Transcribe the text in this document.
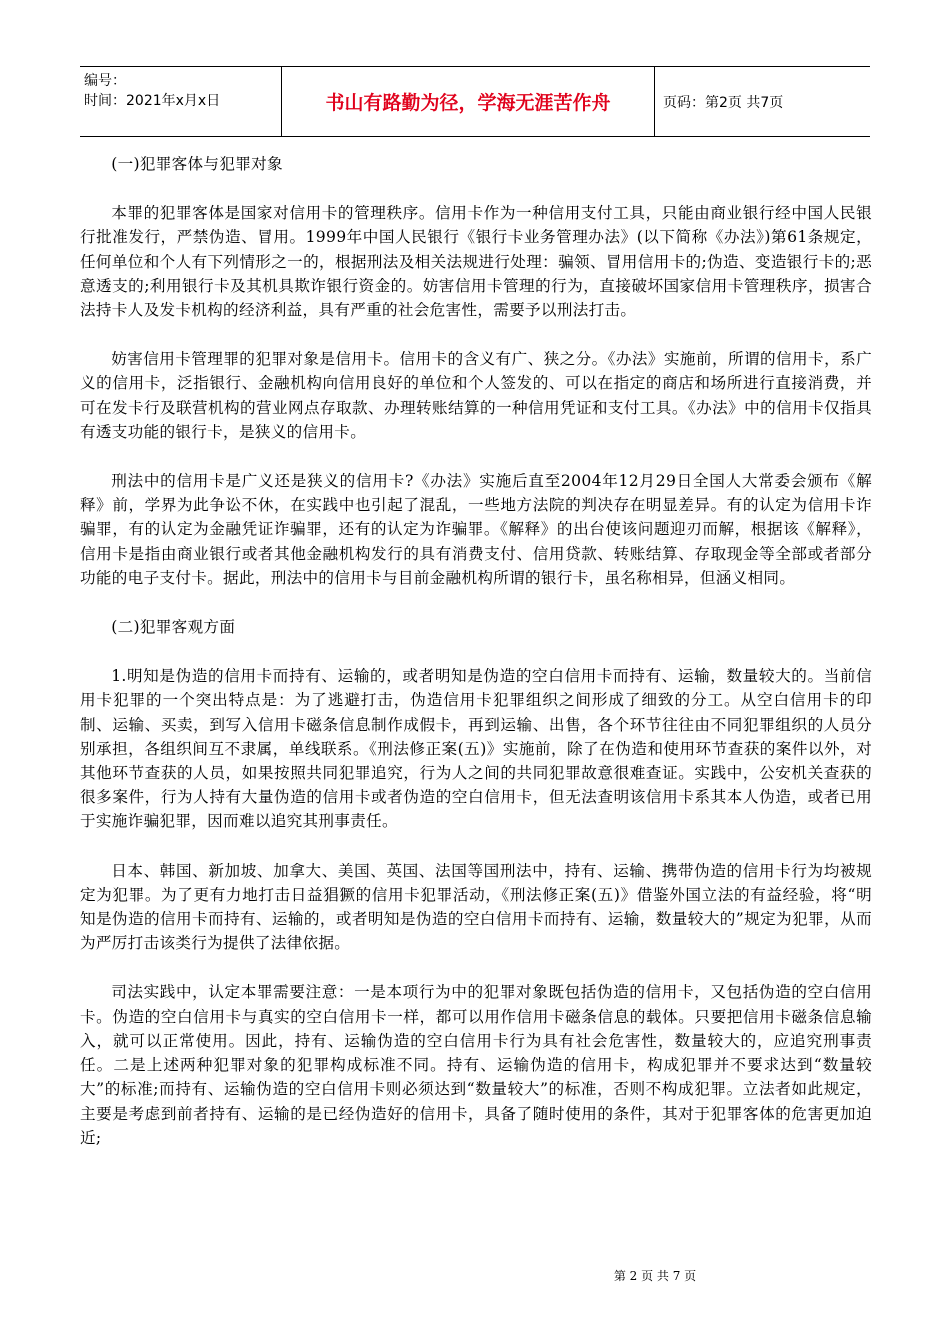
编号：
时间：2021年x月x日	书山有路勤为径，学海无涯苦作舟	页码：第2页 共7页

(一)犯罪客体与犯罪对象

本罪的犯罪客体是国家对信用卡的管理秩序。信用卡作为一种信用支付工具，只能由商业银行经中国人民银行批准发行，严禁伪造、冒用。1999年中国人民银行《银行卡业务管理办法》(以下简称《办法》)第61条规定，任何单位和个人有下列情形之一的，根据刑法及相关法规进行处理：骗领、冒用信用卡的;伪造、变造银行卡的;恶意透支的;利用银行卡及其机具欺诈银行资金的。妨害信用卡管理的行为，直接破坏国家信用卡管理秩序，损害合法持卡人及发卡机构的经济利益，具有严重的社会危害性，需要予以刑法打击。

妨害信用卡管理罪的犯罪对象是信用卡。信用卡的含义有广、狭之分。《办法》实施前，所谓的信用卡，系广义的信用卡，泛指银行、金融机构向信用良好的单位和个人签发的、可以在指定的商店和场所进行直接消费，并可在发卡行及联营机构的营业网点存取款、办理转账结算的一种信用凭证和支付工具。《办法》中的信用卡仅指具有透支功能的银行卡，是狭义的信用卡。

刑法中的信用卡是广义还是狭义的信用卡?《办法》实施后直至2004年12月29日全国人大常委会颁布《解释》前，学界为此争讼不休，在实践中也引起了混乱，一些地方法院的判决存在明显差异。有的认定为信用卡诈骗罪，有的认定为金融凭证诈骗罪，还有的认定为诈骗罪。《解释》的出台使该问题迎刃而解，根据该《解释》，信用卡是指由商业银行或者其他金融机构发行的具有消费支付、信用贷款、转账结算、存取现金等全部或者部分功能的电子支付卡。据此，刑法中的信用卡与目前金融机构所谓的银行卡，虽名称相异，但涵义相同。

(二)犯罪客观方面

1.明知是伪造的信用卡而持有、运输的，或者明知是伪造的空白信用卡而持有、运输，数量较大的。当前信用卡犯罪的一个突出特点是：为了逃避打击，伪造信用卡犯罪组织之间形成了细致的分工。从空白信用卡的印制、运输、买卖，到写入信用卡磁条信息制作成假卡，再到运输、出售，各个环节往往由不同犯罪组织的人员分别承担，各组织间互不隶属，单线联系。《刑法修正案(五)》实施前，除了在伪造和使用环节查获的案件以外，对其他环节查获的人员，如果按照共同犯罪追究，行为人之间的共同犯罪故意很难查证。实践中，公安机关查获的很多案件，行为人持有大量伪造的信用卡或者伪造的空白信用卡，但无法查明该信用卡系其本人伪造，或者已用于实施诈骗犯罪，因而难以追究其刑事责任。

日本、韩国、新加坡、加拿大、美国、英国、法国等国刑法中，持有、运输、携带伪造的信用卡行为均被规定为犯罪。为了更有力地打击日益猖獗的信用卡犯罪活动，《刑法修正案(五)》借鉴外国立法的有益经验，将“明知是伪造的信用卡而持有、运输的，或者明知是伪造的空白信用卡而持有、运输，数量较大的”规定为犯罪，从而为严厉打击该类行为提供了法律依据。

司法实践中，认定本罪需要注意：一是本项行为中的犯罪对象既包括伪造的信用卡，又包括伪造的空白信用卡。伪造的空白信用卡与真实的空白信用卡一样，都可以用作信用卡磁条信息的载体。只要把信用卡磁条信息输入，就可以正常使用。因此，持有、运输伪造的空白信用卡行为具有社会危害性，数量较大的，应追究刑事责任。二是上述两种犯罪对象的犯罪构成标准不同。持有、运输伪造的信用卡，构成犯罪并不要求达到“数量较大”的标准;而持有、运输伪造的空白信用卡则必须达到“数量较大”的标准，否则不构成犯罪。立法者如此规定，主要是考虑到前者持有、运输的是已经伪造好的信用卡，具备了随时使用的条件，其对于犯罪客体的危害更加迫近;

第 2 页 共 7 页
